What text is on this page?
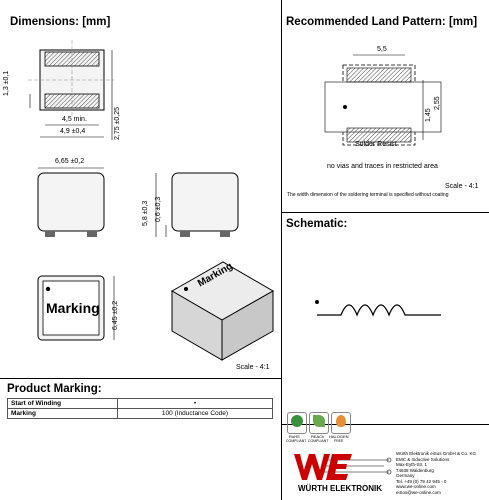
Dimensions: [mm]
1,3 ±0,1
4,5 min.
4,9 ±0,4	2,75 ±0,25
6,65 ±0,2
5,8 ±0,3 0,6 ±0,3
6,45 ±0,2
Marking
Marking
Scale - 4:1
Recommended Land Pattern: [mm]
5,5
1,45
2,55
Solder Resist
no vias and traces in restricted area
Scale - 4:1
The width dimension of the soldering terminal is specified without coating
Schematic:
Product Marking:
Start of Winding	•
Marking	100 (Inductance Code)
RoHS
COMPLIANT
REACh
COMPLIANT
HALOGEN
FREE
WÜRTH ELEKTRONIK
Würth Elektronik eiSos GmbH & Co. KG
EMC & Inductive Solutions
Max-Eyth-Str. 1
74638 Waldenburg
Germany
Tel. +49 (0) 79 42 945 - 0
www.we-online.com
eiSos@we-online.com
